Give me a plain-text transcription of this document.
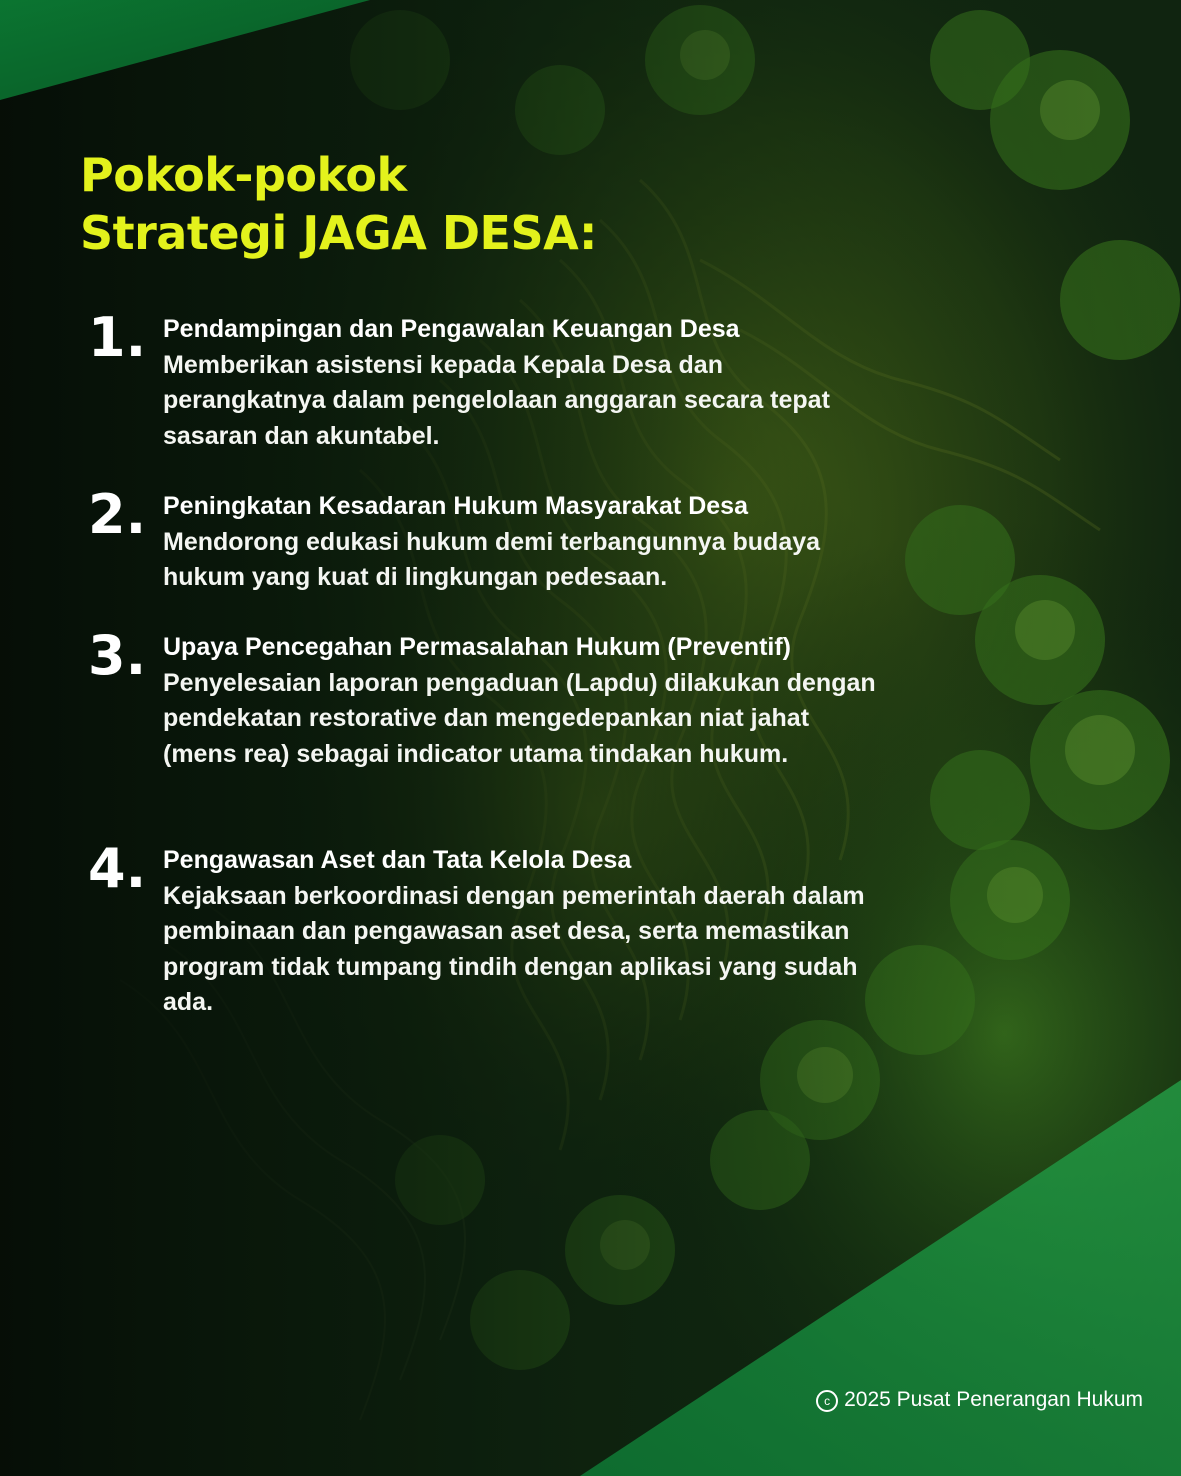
Pokok-pokok
Strategi JAGA DESA:
1. Pendampingan dan Pengawalan Keuangan Desa
Memberikan asistensi kepada Kepala Desa dan perangkatnya dalam pengelolaan anggaran secara tepat sasaran dan akuntabel.
2. Peningkatan Kesadaran Hukum Masyarakat Desa
Mendorong edukasi hukum demi terbangunnya budaya hukum yang kuat di lingkungan pedesaan.
3. Upaya Pencegahan Permasalahan Hukum (Preventif)
Penyelesaian laporan pengaduan (Lapdu) dilakukan dengan pendekatan restorative dan mengedepankan niat jahat (mens rea) sebagai indicator utama tindakan hukum.
4. Pengawasan Aset dan Tata Kelola Desa
Kejaksaan berkoordinasi dengan pemerintah daerah dalam pembinaan dan pengawasan aset desa, serta memastikan program tidak tumpang tindih dengan aplikasi yang sudah ada.
c 2025 Pusat Penerangan Hukum
